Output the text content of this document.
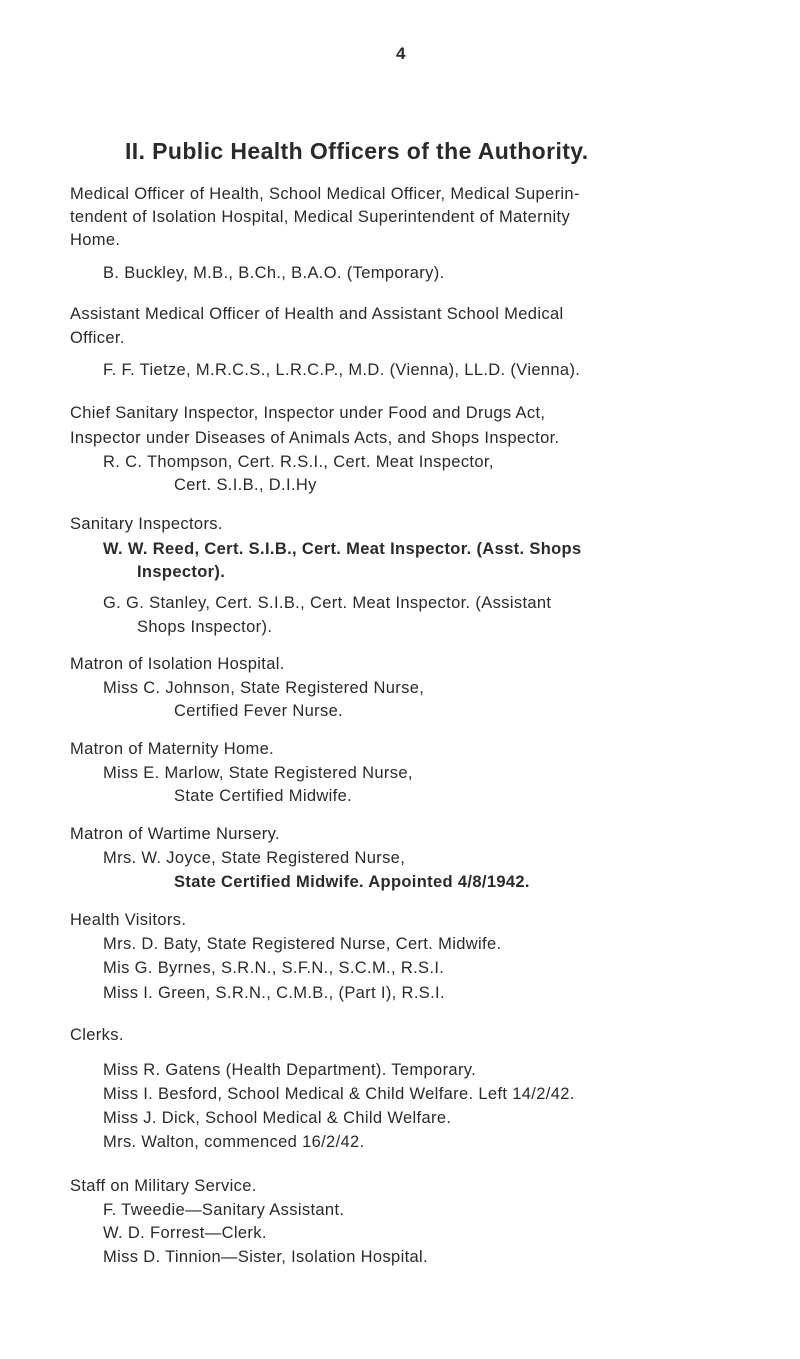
4
II. Public Health Officers of the Authority.
Medical Officer of Health, School Medical Officer, Medical Superin-
tendent of Isolation Hospital, Medical Superintendent of Maternity
Home.
B. Buckley, M.B., B.Ch., B.A.O. (Temporary).
Assistant Medical Officer of Health and Assistant School Medical
Officer.
F. F. Tietze, M.R.C.S., L.R.C.P., M.D. (Vienna), LL.D. (Vienna).
Chief Sanitary Inspector, Inspector under Food and Drugs Act,
Inspector under Diseases of Animals Acts, and Shops Inspector.
R. C. Thompson, Cert. R.S.I., Cert. Meat Inspector,
Cert. S.I.B., D.I.Hy
Sanitary Inspectors.
W. W. Reed, Cert. S.I.B., Cert. Meat Inspector. (Asst. Shops
Inspector).
G. G. Stanley, Cert. S.I.B., Cert. Meat Inspector. (Assistant
Shops Inspector).
Matron of Isolation Hospital.
Miss C. Johnson, State Registered Nurse,
Certified Fever Nurse.
Matron of Maternity Home.
Miss E. Marlow, State Registered Nurse,
State Certified Midwife.
Matron of Wartime Nursery.
Mrs. W. Joyce, State Registered Nurse,
State Certified Midwife. Appointed 4/8/1942.
Health Visitors.
Mrs. D. Baty, State Registered Nurse, Cert. Midwife.
Mis G. Byrnes, S.R.N., S.F.N., S.C.M., R.S.I.
Miss I. Green, S.R.N., C.M.B., (Part I), R.S.I.
Clerks.
Miss R. Gatens (Health Department). Temporary.
Miss I. Besford, School Medical & Child Welfare. Left 14/2/42.
Miss J. Dick, School Medical & Child Welfare.
Mrs. Walton, commenced 16/2/42.
Staff on Military Service.
F. Tweedie—Sanitary Assistant.
W. D. Forrest—Clerk.
Miss D. Tinnion—Sister, Isolation Hospital.
